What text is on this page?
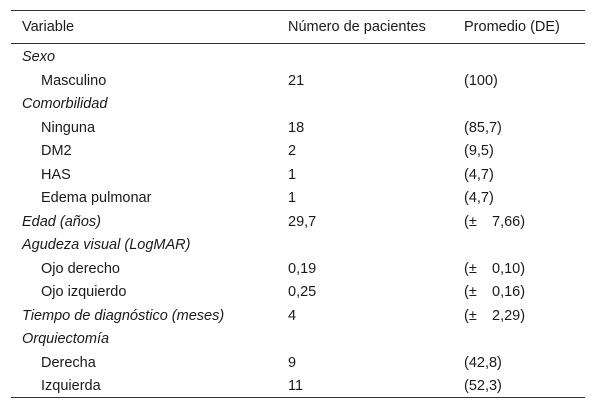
Variable	Número de pacientes	Promedio (DE)
Sexo
Masculino	21	(100)
Comorbilidad
Ninguna	18	(85,7)
DM2	2	(9,5)
HAS	1	(4,7)
Edema pulmonar	1	(4,7)
Edad (años)	29,7	(± 7,66)
Agudeza visual (LogMAR)
Ojo derecho	0,19	(± 0,10)
Ojo izquierdo	0,25	(± 0,16)
Tiempo de diagnóstico (meses)	4	(± 2,29)
Orquiectomía
Derecha	9	(42,8)
Izquierda	11	(52,3)
